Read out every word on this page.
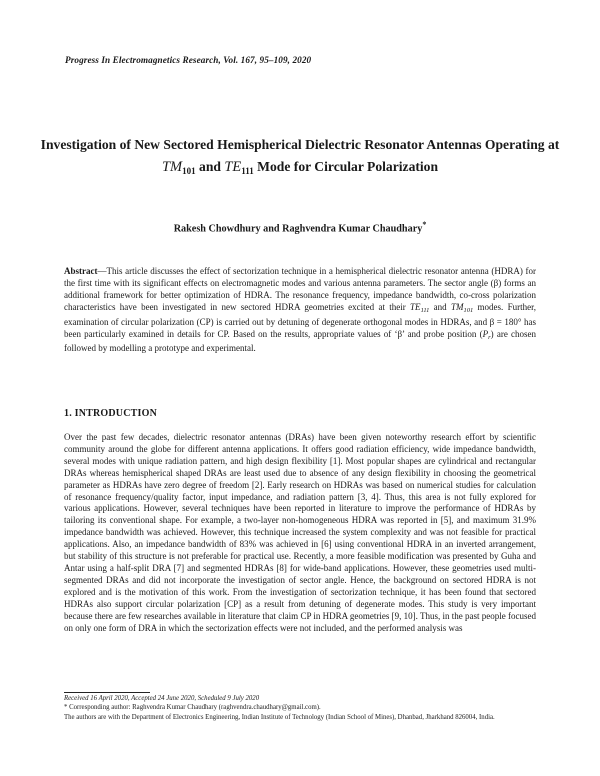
Progress In Electromagnetics Research, Vol. 167, 95–109, 2020
Investigation of New Sectored Hemispherical Dielectric Resonator Antennas Operating at $TM_{101}$ and $TE_{111}$ Mode for Circular Polarization
Rakesh Chowdhury and Raghvendra Kumar Chaudhary*
Abstract—This article discusses the effect of sectorization technique in a hemispherical dielectric resonator antenna (HDRA) for the first time with its significant effects on electromagnetic modes and various antenna parameters. The sector angle (β) forms an additional framework for better optimization of HDRA. The resonance frequency, impedance bandwidth, co-cross polarization characteristics have been investigated in new sectored HDRA geometries excited at their $TE_{111}$ and $TM_{101}$ modes. Further, examination of circular polarization (CP) is carried out by detuning of degenerate orthogonal modes in HDRAs, and β = 180° has been particularly examined in details for CP. Based on the results, appropriate values of ‘β’ and probe position $(P_r)$ are chosen followed by modelling a prototype and experimental.
1. INTRODUCTION

Over the past few decades, dielectric resonator antennas (DRAs) have been given noteworthy research effort by scientific community around the globe for different antenna applications. It offers good radiation efficiency, wide impedance bandwidth, several modes with unique radiation pattern, and high design flexibility [1]. Most popular shapes are cylindrical and rectangular DRAs whereas hemispherical shaped DRAs are least used due to absence of any design flexibility in choosing the geometrical parameter as HDRAs have zero degree of freedom [2]. Early research on HDRAs was based on numerical studies for calculation of resonance frequency/quality factor, input impedance, and radiation pattern [3, 4]. Thus, this area is not fully explored for various applications. However, several techniques have been reported in literature to improve the performance of HDRAs by tailoring its conventional shape. For example, a two-layer non-homogeneous HDRA was reported in [5], and maximum 31.9% impedance bandwidth was achieved. However, this technique increased the system complexity and was not feasible for practical applications. Also, an impedance bandwidth of 83% was achieved in [6] using conventional HDRA in an inverted arrangement, but stability of this structure is not preferable for practical use. Recently, a more feasible modification was presented by Guha and Antar using a half-split DRA [7] and segmented HDRAs [8] for wide-band applications. However, these geometries used multi-segmented DRAs and did not incorporate the investigation of sector angle. Hence, the background on sectored HDRA is not explored and is the motivation of this work. From the investigation of sectorization technique, it has been found that sectored HDRAs also support circular polarization [CP] as a result from detuning of degenerate modes. This study is very important because there are few researches available in literature that claim CP in HDRA geometries [9, 10]. Thus, in the past people focused on only one form of DRA in which the sectorization effects were not included, and the performed analysis was

Received 16 April 2020, Accepted 24 June 2020, Scheduled 9 July 2020
* Corresponding author: Raghvendra Kumar Chaudhary (raghvendra.chaudhary@gmail.com).
The authors are with the Department of Electronics Engineering, Indian Institute of Technology (Indian School of Mines), Dhanbad, Jharkhand 826004, India.
